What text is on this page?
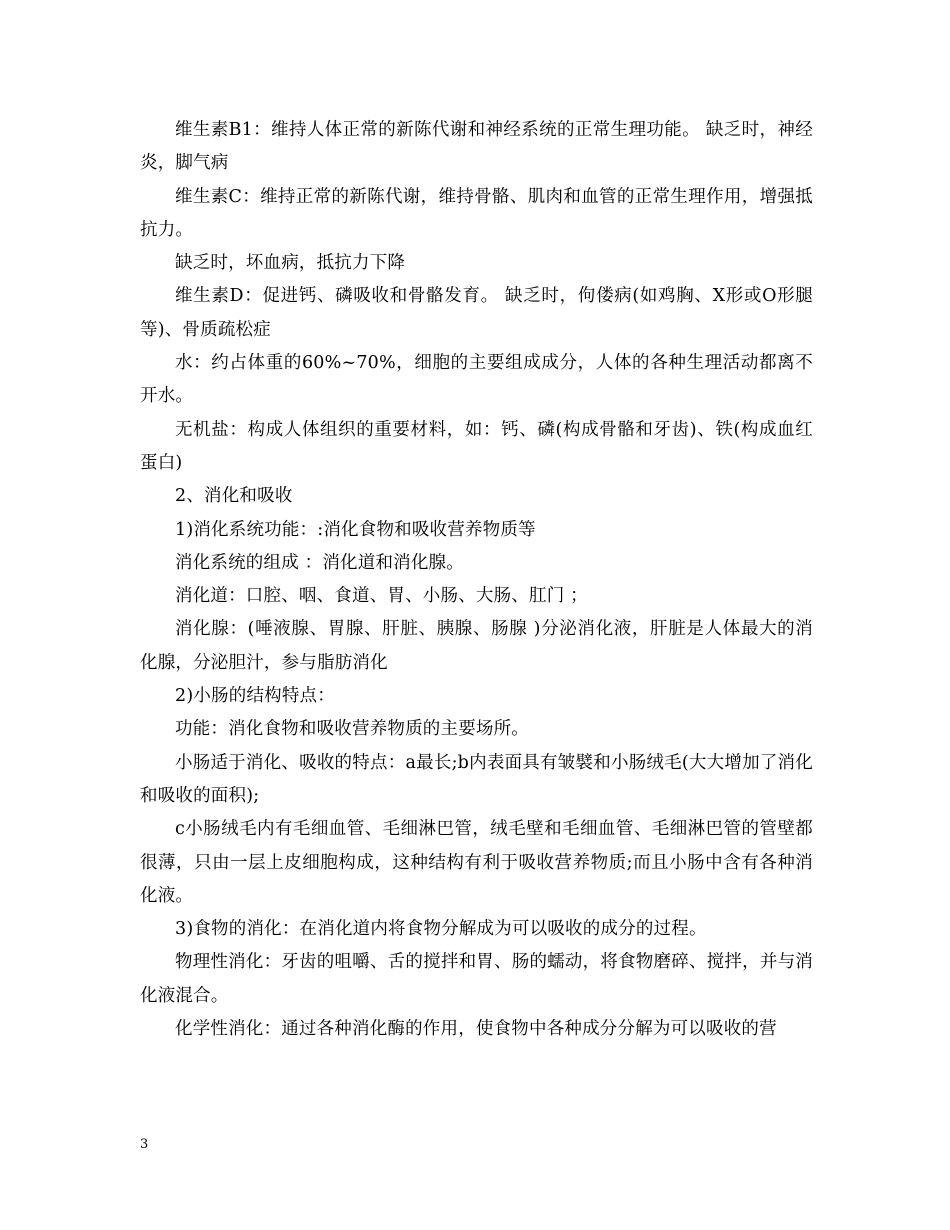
维生素B1：维持人体正常的新陈代谢和神经系统的正常生理功能。 缺乏时，神经炎，脚气病

维生素C：维持正常的新陈代谢，维持骨骼、肌肉和血管的正常生理作用，增强抵抗力。

缺乏时，坏血病，抵抗力下降

维生素D：促进钙、磷吸收和骨骼发育。 缺乏时，佝偻病(如鸡胸、X形或O形腿等)、骨质疏松症

水：约占体重的60%~70%，细胞的主要组成成分，人体的各种生理活动都离不开水。

无机盐：构成人体组织的重要材料，如：钙、磷(构成骨骼和牙齿)、铁(构成血红蛋白)

2、消化和吸收

1)消化系统功能：:消化食物和吸收营养物质等

消化系统的组成 ：消化道和消化腺。

消化道：口腔、咽、食道、胃、小肠、大肠、肛门 ；

消化腺：(唾液腺、胃腺、肝脏、胰腺、肠腺 )分泌消化液，肝脏是人体最大的消化腺，分泌胆汁，参与脂肪消化

2)小肠的结构特点：

功能：消化食物和吸收营养物质的主要场所。

小肠适于消化、吸收的特点：a最长;b内表面具有皱襞和小肠绒毛(大大增加了消化和吸收的面积);

c小肠绒毛内有毛细血管、毛细淋巴管，绒毛壁和毛细血管、毛细淋巴管的管壁都很薄，只由一层上皮细胞构成，这种结构有利于吸收营养物质;而且小肠中含有各种消化液。

3)食物的消化：在消化道内将食物分解成为可以吸收的成分的过程。

物理性消化：牙齿的咀嚼、舌的搅拌和胃、肠的蠕动，将食物磨碎、搅拌，并与消化液混合。

化学性消化：通过各种消化酶的作用，使食物中各种成分分解为可以吸收的营

3
